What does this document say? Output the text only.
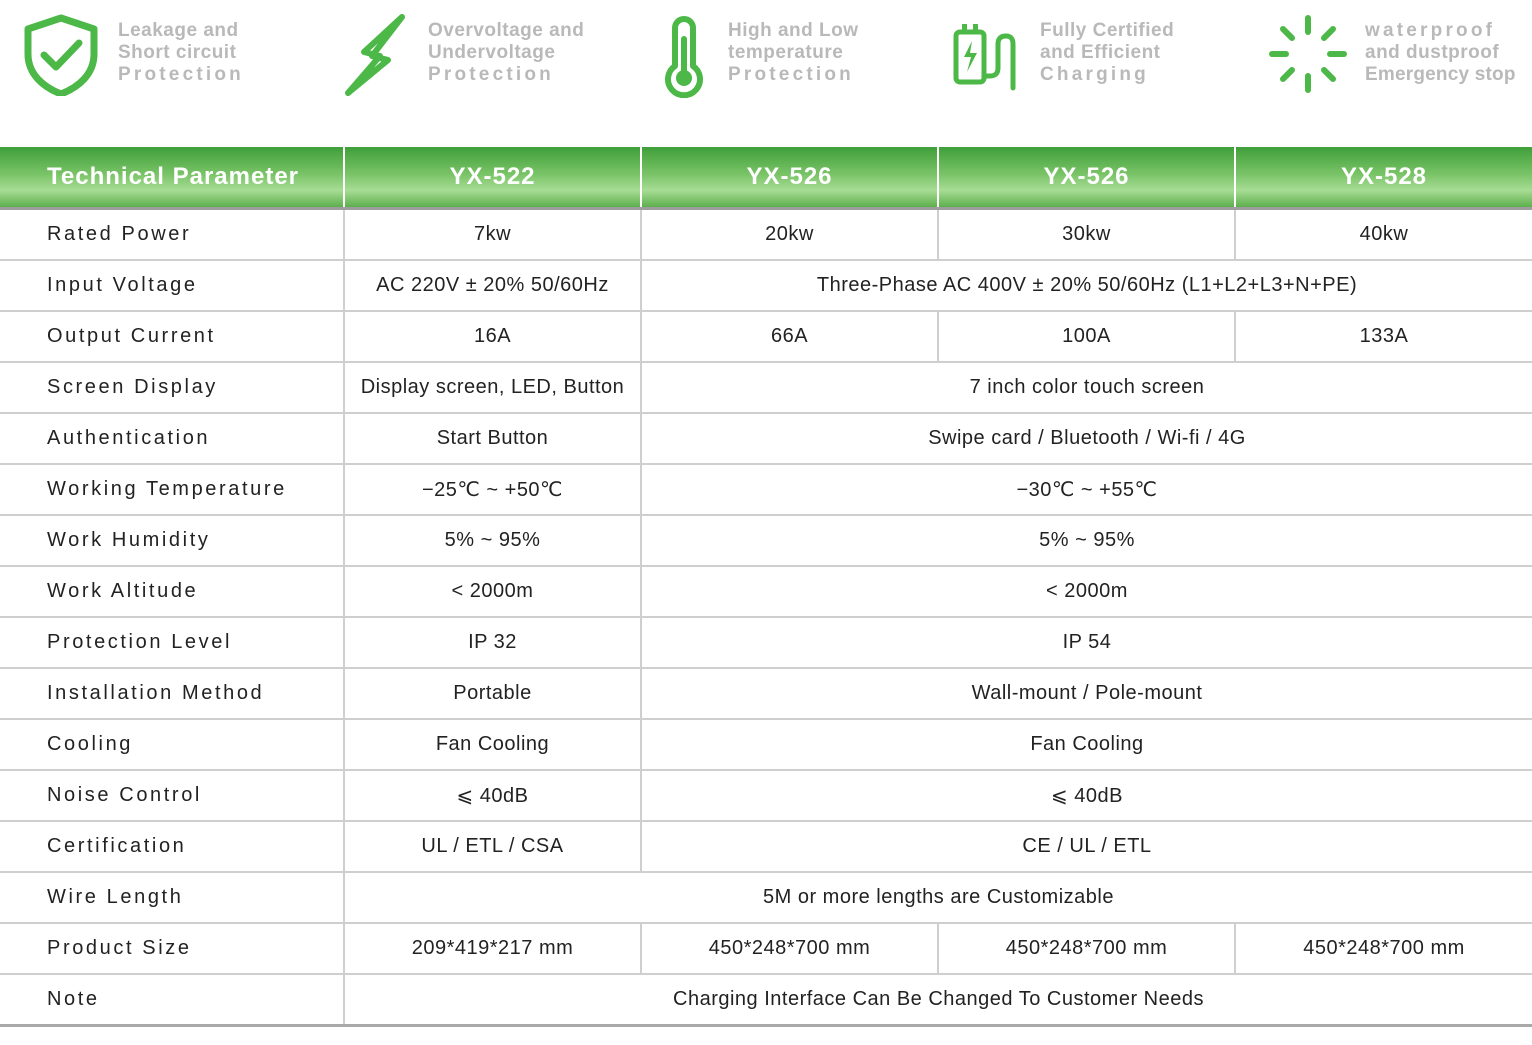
Leakage and
Short circuit
Protection
Overvoltage and
Undervoltage
Protection
High and Low
temperature
Protection
Fully Certified
and Efficient
Charging
waterproof
and dustproof
Emergency stop
Technical Parameter	YX-522	YX-526	YX-526	YX-528
Rated Power	7kw	20kw	30kw	40kw
Input Voltage	AC 220V ± 20% 50/60Hz	Three-Phase AC 400V ± 20% 50/60Hz (L1+L2+L3+N+PE)		
Output Current	16A	66A	100A	133A
Screen Display	Display screen, LED, Button	7 inch color touch screen		
Authentication	Start Button	Swipe card / Bluetooth / Wi-fi / 4G		
Working Temperature	−25℃ ~ +50℃	−30℃ ~ +55℃		
Work Humidity	5% ~ 95%	5% ~ 95%		
Work Altitude	< 2000m	< 2000m		
Protection Level	IP 32	IP 54		
Installation Method	Portable	Wall-mount / Pole-mount		
Cooling	Fan Cooling	Fan Cooling		
Noise Control	⩽ 40dB	⩽ 40dB		
Certification	UL / ETL / CSA	CE / UL / ETL		
Wire Length	5M or more lengths are Customizable			
Product Size	209*419*217 mm	450*248*700 mm	450*248*700 mm	450*248*700 mm
Note	Charging Interface Can Be Changed To Customer Needs			
